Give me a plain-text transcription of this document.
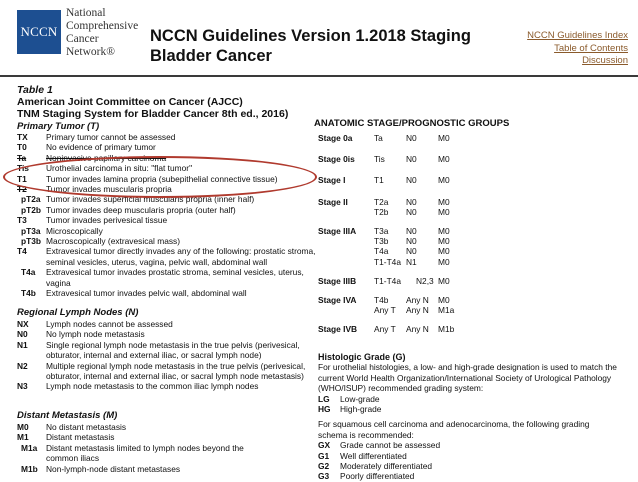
NCCN
National
Comprehensive
Cancer
Network®
NCCN Guidelines Version 1.2018 Staging
Bladder Cancer
NCCN Guidelines Index
Table of Contents
Discussion
Table 1
American Joint Committee on Cancer (AJCC)
TNM Staging System for Bladder Cancer 8th ed., 2016)
Primary Tumor (T)
TX	Primary tumor cannot be assessed
T0	No evidence of primary tumor
Ta	Noninvasive papillary carcinoma
Tis	Urothelial carcinoma in situ: "flat tumor"
T1	Tumor invades lamina propria (subepithelial connective tissue)
T2	Tumor invades muscularis propria
pT2a Tumor invades superficial muscularis propria (inner half)
pT2b Tumor invades deep muscularis propria (outer half)
T3	Tumor invades perivesical tissue
pT3a Microscopically
pT3b Macroscopically (extravesical mass)
T4	Extravesical tumor directly invades any of the following: prostatic stroma, seminal vesicles, uterus, vagina, pelvic wall, abdominal wall
T4a	Extravesical tumor invades prostatic stroma, seminal vesicles, uterus, vagina
T4b	Extravesical tumor invades pelvic wall, abdominal wall
Regional Lymph Nodes (N)
NX	Lymph nodes cannot be assessed
N0	No lymph node metastasis
N1	Single regional lymph node metastasis in the true pelvis (perivesical, obturator, internal and external iliac, or sacral lymph node)
N2	Multiple regional lymph node metastasis in the true pelvis (perivesical, obturator, internal and external iliac, or sacral lymph node metastasis)
N3	Lymph node metastasis to the common iliac lymph nodes
Distant Metastasis (M)
M0	No distant metastasis
M1	Distant metastasis
M1a	Distant metastasis limited to lymph nodes beyond the common iliacs
M1b Non-lymph-node distant metastases
ANATOMIC STAGE/PROGNOSTIC GROUPS
Stage 0a	Ta	N0	M0
Stage 0is	Tis	N0	M0
Stage I	T1	N0	M0
Stage II	T2a	N0	M0
T2b	N0	M0
Stage IIIA	T3a	N0	M0
T3b	N0	M0
T4a	N0	M0
T1-T4a N1	M0
Stage IIIB	T1-T4a	N2,3 M0
Stage IVA	T4b	Any N	M0
Any T	Any N	M1a
Stage IVB	Any T	Any N	M1b
Histologic Grade (G)
For urothelial histologies, a low- and high-grade designation is used to match the current World Health Organization/International Society of Urological Pathology (WHO/ISUP) recommended grading system:
LG	Low-grade
HG	High-grade
For squamous cell carcinoma and adenocarcinoma, the following grading schema is recommended:
GX	Grade cannot be assessed
G1	Well differentiated
G2	Moderately differentiated
G3	Poorly differentiated
